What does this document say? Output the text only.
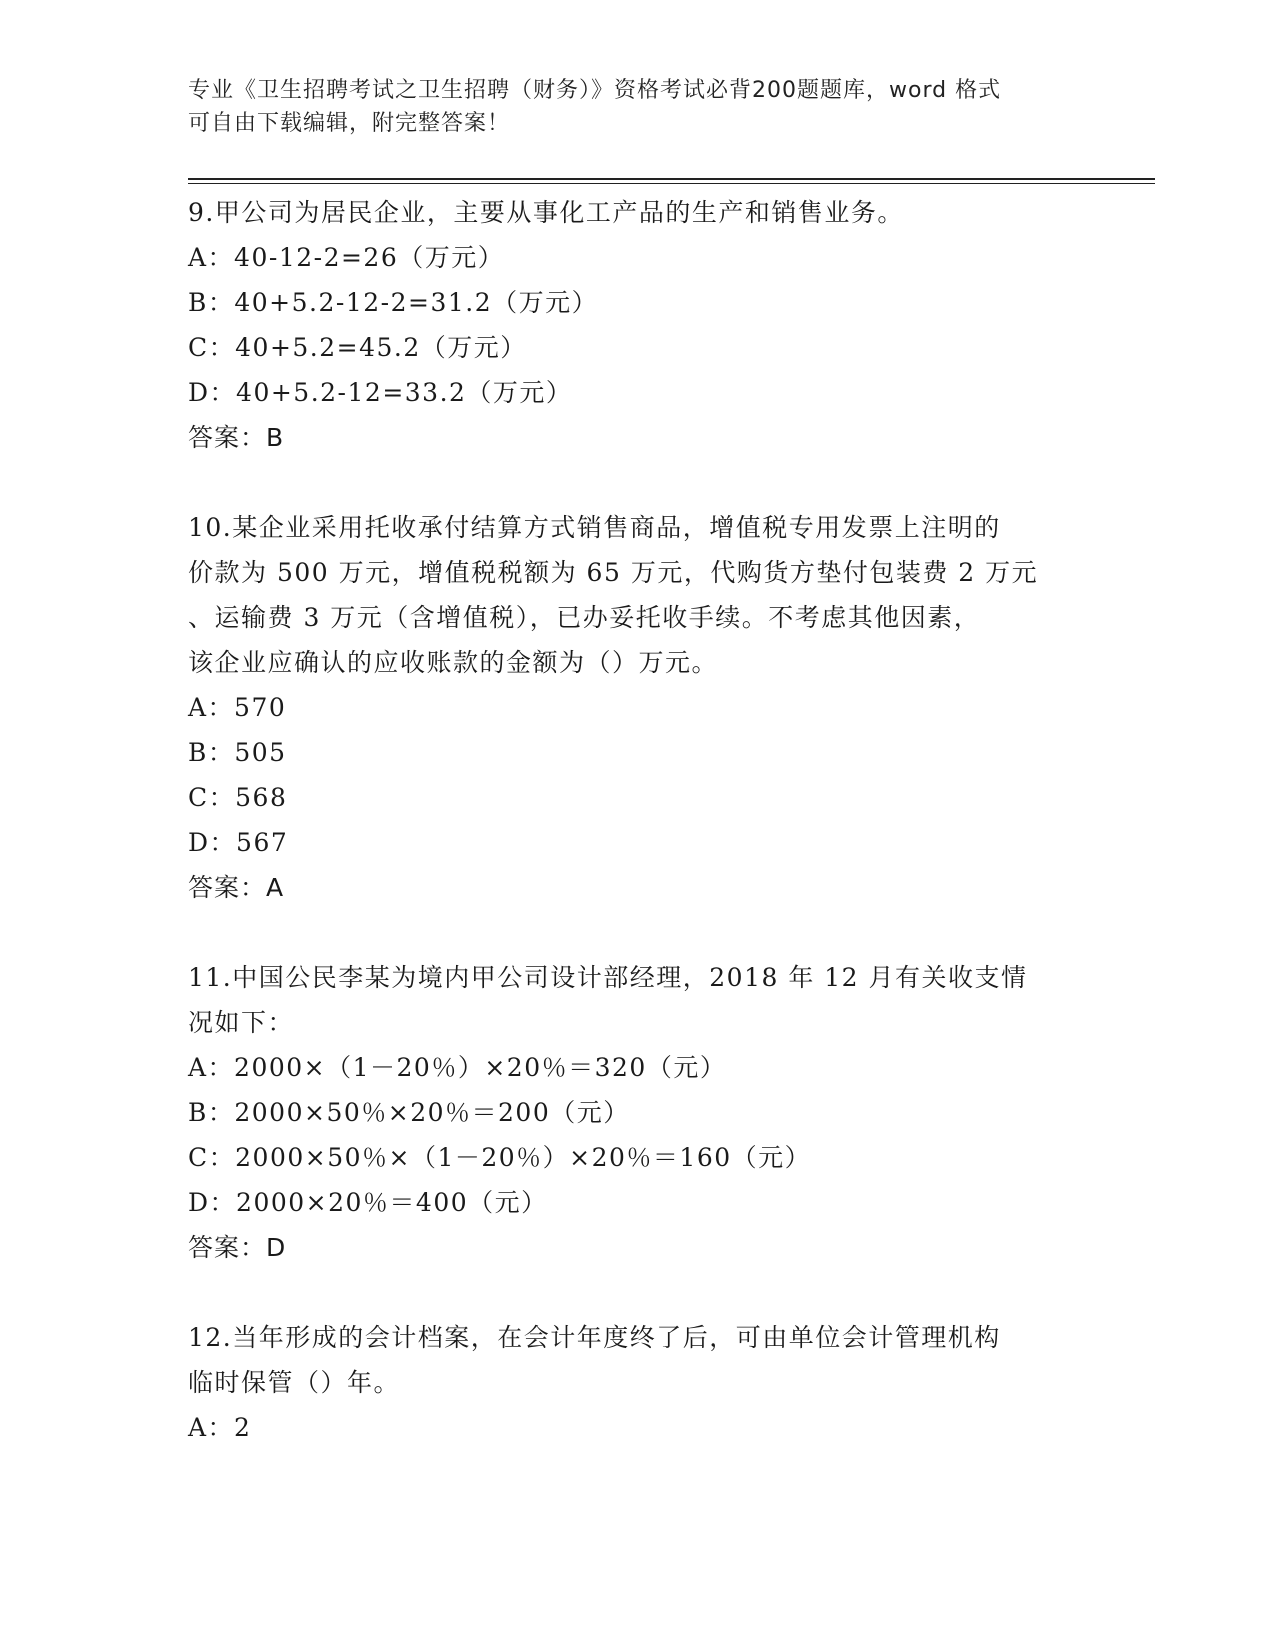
专业《卫生招聘考试之卫生招聘（财务）》资格考试必背200题题库，word 格式
可自由下载编辑，附完整答案！
9.甲公司为居民企业，主要从事化工产品的生产和销售业务。
A：40-12-2=26（万元）
B：40+5.2-12-2=31.2（万元）
C：40+5.2=45.2（万元）
D：40+5.2-12=33.2（万元）
答案：B
10.某企业采用托收承付结算方式销售商品，增值税专用发票上注明的
价款为 500 万元，增值税税额为 65 万元，代购货方垫付包装费 2 万元
、运输费 3 万元（含增值税），已办妥托收手续。不考虑其他因素，
该企业应确认的应收账款的金额为（）万元。
A：570
B：505
C：568
D：567
答案：A
11.中国公民李某为境内甲公司设计部经理，2018 年 12 月有关收支情
况如下：
A：2000×（1－20％）×20％＝320（元）
B：2000×50％×20％＝200（元）
C：2000×50％×（1－20％）×20％＝160（元）
D：2000×20％＝400（元）
答案：D
12.当年形成的会计档案，在会计年度终了后，可由单位会计管理机构
临时保管（）年。
A：2
